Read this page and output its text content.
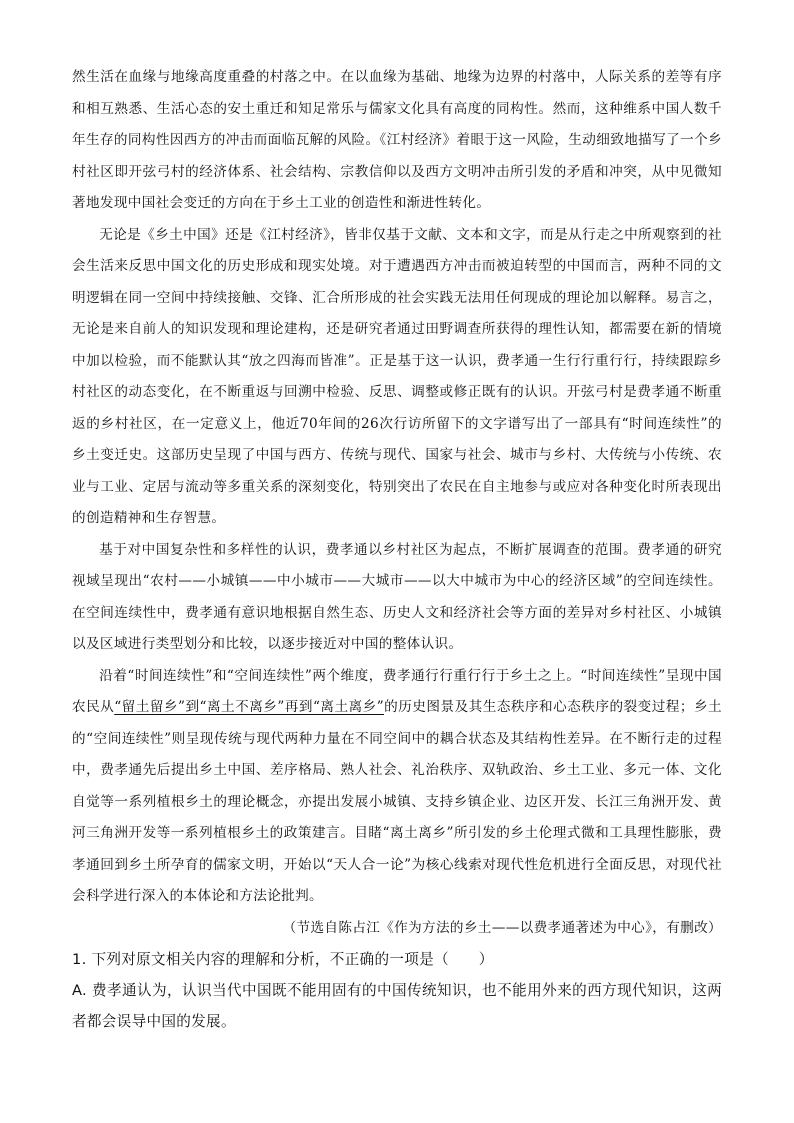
然生活在血缘与地缘高度重叠的村落之中。在以血缘为基础、地缘为边界的村落中，人际关系的差等有序和相互熟悉、生活心态的安土重迁和知足常乐与儒家文化具有高度的同构性。然而，这种维系中国人数千年生存的同构性因西方的冲击而面临瓦解的风险。《江村经济》着眼于这一风险，生动细致地描写了一个乡村社区即开弦弓村的经济体系、社会结构、宗教信仰以及西方文明冲击所引发的矛盾和冲突，从中见微知著地发现中国社会变迁的方向在于乡土工业的创造性和渐进性转化。

无论是《乡土中国》还是《江村经济》，皆非仅基于文献、文本和文字，而是从行走之中所观察到的社会生活来反思中国文化的历史形成和现实处境。对于遭遇西方冲击而被迫转型的中国而言，两种不同的文明逻辑在同一空间中持续接触、交锋、汇合所形成的社会实践无法用任何现成的理论加以解释。易言之，无论是来自前人的知识发现和理论建构，还是研究者通过田野调查所获得的理性认知，都需要在新的情境中加以检验，而不能默认其“放之四海而皆准”。正是基于这一认识，费孝通一生行行重行行，持续跟踪乡村社区的动态变化，在不断重返与回溯中检验、反思、调整或修正既有的认识。开弦弓村是费孝通不断重返的乡村社区，在一定意义上，他近70年间的26次行访所留下的文字谱写出了一部具有“时间连续性”的乡土变迁史。这部历史呈现了中国与西方、传统与现代、国家与社会、城市与乡村、大传统与小传统、农业与工业、定居与流动等多重关系的深刻变化，特别突出了农民在自主地参与或应对各种变化时所表现出的创造精神和生存智慧。

基于对中国复杂性和多样性的认识，费孝通以乡村社区为起点，不断扩展调查的范围。费孝通的研究视域呈现出“农村——小城镇——中小城市——大城市——以大中城市为中心的经济区域”的空间连续性。在空间连续性中，费孝通有意识地根据自然生态、历史人文和经济社会等方面的差异对乡村社区、小城镇以及区域进行类型划分和比较，以逐步接近对中国的整体认识。

沿着“时间连续性”和“空间连续性”两个维度，费孝通行行重行行于乡土之上。“时间连续性”呈现中国农民从“留土留乡”到“离土不离乡”再到“离土离乡”的历史图景及其生态秩序和心态秩序的裂变过程；乡土的“空间连续性”则呈现传统与现代两种力量在不同空间中的耦合状态及其结构性差异。在不断行走的过程中，费孝通先后提出乡土中国、差序格局、熟人社会、礼治秩序、双轨政治、乡土工业、多元一体、文化自觉等一系列植根乡土的理论概念，亦提出发展小城镇、支持乡镇企业、边区开发、长江三角洲开发、黄河三角洲开发等一系列植根乡土的政策建言。目睹“离土离乡”所引发的乡土伦理式微和工具理性膨胀，费孝通回到乡土所孕育的儒家文明，开始以“天人合一论”为核心线索对现代性危机进行全面反思，对现代社会科学进行深入的本体论和方法论批判。

（节选自陈占江《作为方法的乡土——以费孝通著述为中心》，有删改）

1. 下列对原文相关内容的理解和分析，不正确的一项是（　　）

A. 费孝通认为，认识当代中国既不能用固有的中国传统知识，也不能用外来的西方现代知识，这两者都会误导中国的发展。
